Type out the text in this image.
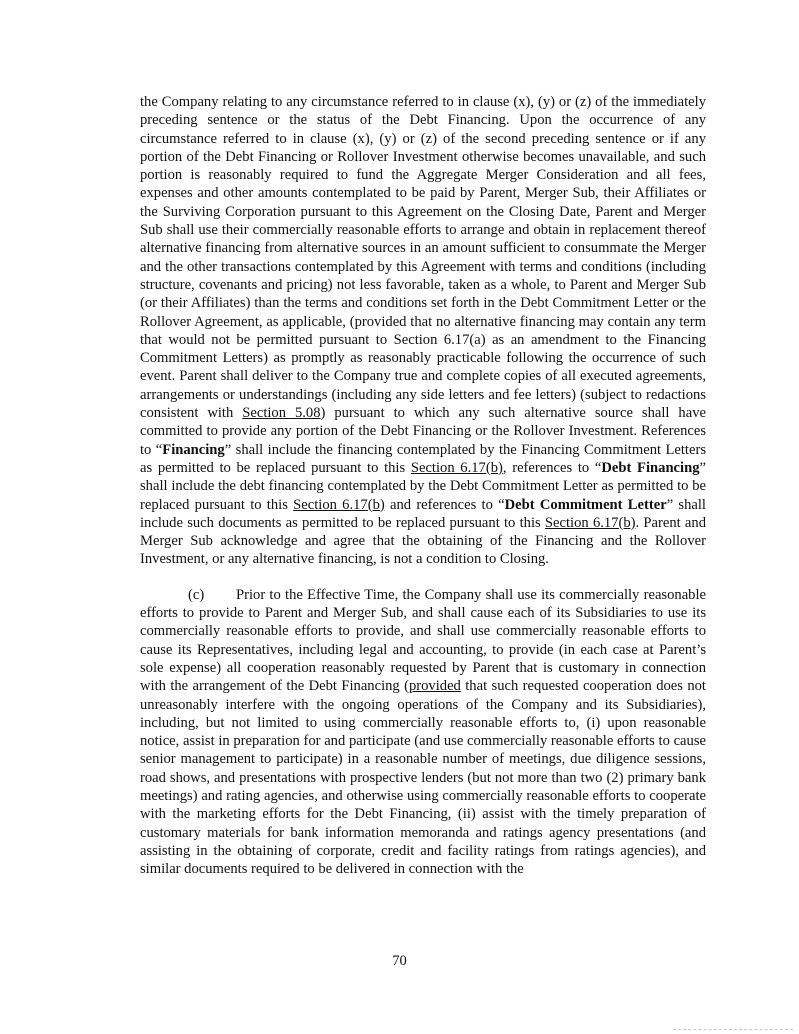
the Company relating to any circumstance referred to in clause (x), (y) or (z) of the immediately preceding sentence or the status of the Debt Financing. Upon the occurrence of any circumstance referred to in clause (x), (y) or (z) of the second preceding sentence or if any portion of the Debt Financing or Rollover Investment otherwise becomes unavailable, and such portion is reasonably required to fund the Aggregate Merger Consideration and all fees, expenses and other amounts contemplated to be paid by Parent, Merger Sub, their Affiliates or the Surviving Corporation pursuant to this Agreement on the Closing Date, Parent and Merger Sub shall use their commercially reasonable efforts to arrange and obtain in replacement thereof alternative financing from alternative sources in an amount sufficient to consummate the Merger and the other transactions contemplated by this Agreement with terms and conditions (including structure, covenants and pricing) not less favorable, taken as a whole, to Parent and Merger Sub (or their Affiliates) than the terms and conditions set forth in the Debt Commitment Letter or the Rollover Agreement, as applicable, (provided that no alternative financing may contain any term that would not be permitted pursuant to Section 6.17(a) as an amendment to the Financing Commitment Letters) as promptly as reasonably practicable following the occurrence of such event. Parent shall deliver to the Company true and complete copies of all executed agreements, arrangements or understandings (including any side letters and fee letters) (subject to redactions consistent with Section 5.08) pursuant to which any such alternative source shall have committed to provide any portion of the Debt Financing or the Rollover Investment. References to “Financing” shall include the financing contemplated by the Financing Commitment Letters as permitted to be replaced pursuant to this Section 6.17(b), references to “Debt Financing” shall include the debt financing contemplated by the Debt Commitment Letter as permitted to be replaced pursuant to this Section 6.17(b) and references to “Debt Commitment Letter” shall include such documents as permitted to be replaced pursuant to this Section 6.17(b). Parent and Merger Sub acknowledge and agree that the obtaining of the Financing and the Rollover Investment, or any alternative financing, is not a condition to Closing.

(c) Prior to the Effective Time, the Company shall use its commercially reasonable efforts to provide to Parent and Merger Sub, and shall cause each of its Subsidiaries to use its commercially reasonable efforts to provide, and shall use commercially reasonable efforts to cause its Representatives, including legal and accounting, to provide (in each case at Parent’s sole expense) all cooperation reasonably requested by Parent that is customary in connection with the arrangement of the Debt Financing (provided that such requested cooperation does not unreasonably interfere with the ongoing operations of the Company and its Subsidiaries), including, but not limited to using commercially reasonable efforts to, (i) upon reasonable notice, assist in preparation for and participate (and use commercially reasonable efforts to cause senior management to participate) in a reasonable number of meetings, due diligence sessions, road shows, and presentations with prospective lenders (but not more than two (2) primary bank meetings) and rating agencies, and otherwise using commercially reasonable efforts to cooperate with the marketing efforts for the Debt Financing, (ii) assist with the timely preparation of customary materials for bank information memoranda and ratings agency presentations (and assisting in the obtaining of corporate, credit and facility ratings from ratings agencies), and similar documents required to be delivered in connection with the

70
